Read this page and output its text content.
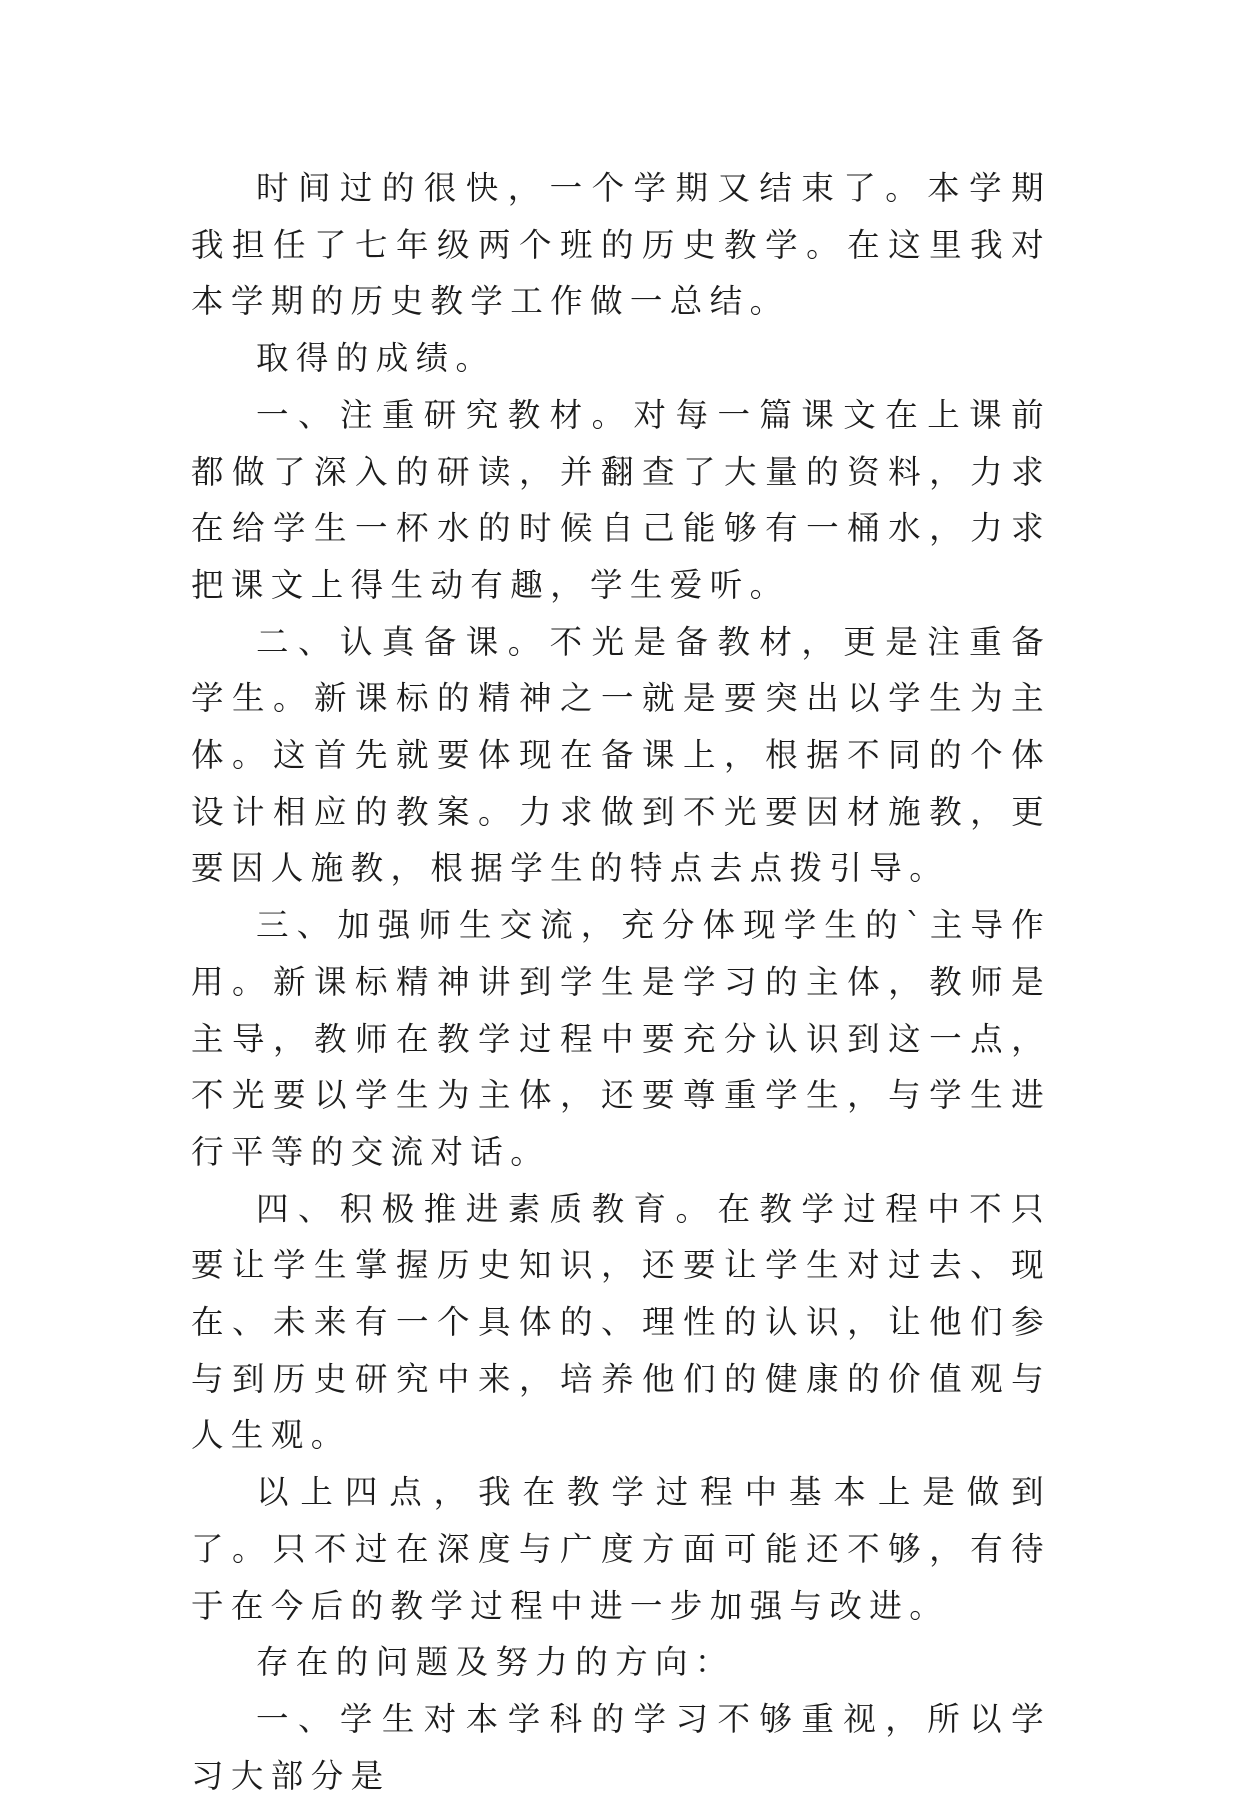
时间过的很快，一个学期又结束了。本学期我担任了七年级两个班的历史教学。在这里我对本学期的历史教学工作做一总结。

取得的成绩。

一、注重研究教材。对每一篇课文在上课前都做了深入的研读，并翻查了大量的资料，力求在给学生一杯水的时候自己能够有一桶水，力求把课文上得生动有趣，学生爱听。

二、认真备课。不光是备教材，更是注重备学生。新课标的精神之一就是要突出以学生为主体。这首先就要体现在备课上，根据不同的个体设计相应的教案。力求做到不光要因材施教，更要因人施教，根据学生的特点去点拨引导。

三、加强师生交流，充分体现学生的`主导作用。新课标精神讲到学生是学习的主体，教师是主导，教师在教学过程中要充分认识到这一点，不光要以学生为主体，还要尊重学生，与学生进行平等的交流对话。

四、积极推进素质教育。在教学过程中不只要让学生掌握历史知识，还要让学生对过去、现在、未来有一个具体的、理性的认识，让他们参与到历史研究中来，培养他们的健康的价值观与人生观。

以上四点，我在教学过程中基本上是做到了。只不过在深度与广度方面可能还不够，有待于在今后的教学过程中进一步加强与改进。

存在的问题及努力的方向：

一、学生对本学科的学习不够重视，所以学习大部分是
